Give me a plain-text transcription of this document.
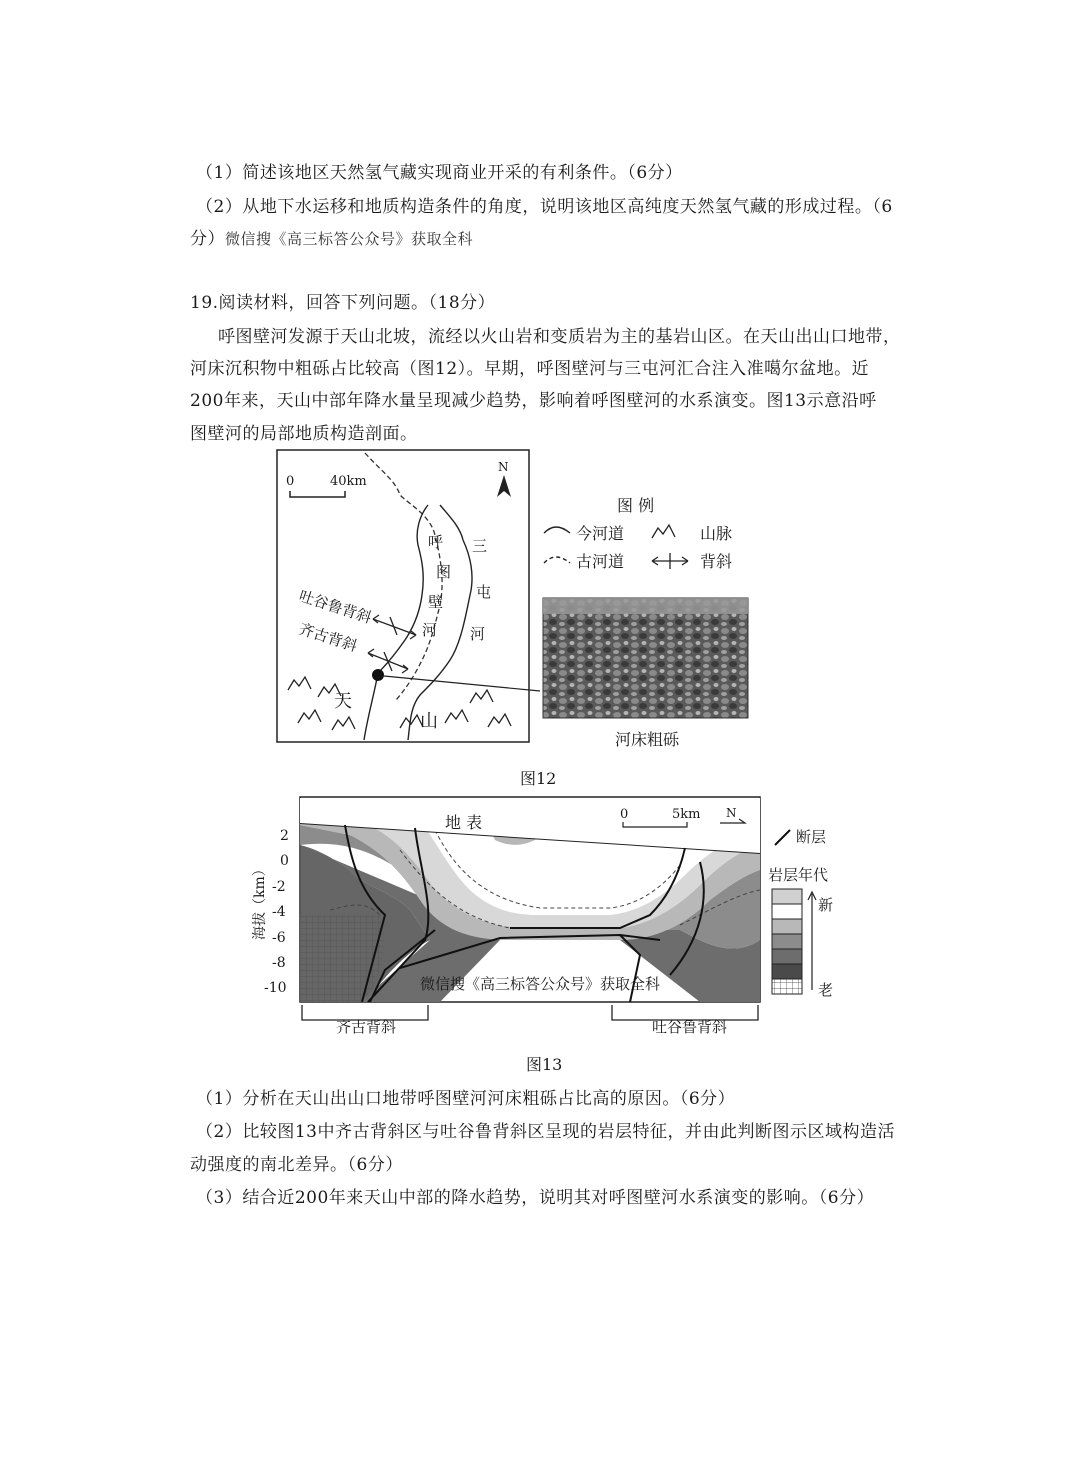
（1）简述该地区天然氢气藏实现商业开采的有利条件。（6分）
（2）从地下水运移和地质构造条件的角度，说明该地区高纯度天然氢气藏的形成过程。（6
分）微信搜《高三标答公众号》获取全科
19.阅读材料，回答下列问题。（18分）
呼图壁河发源于天山北坡，流经以火山岩和变质岩为主的基岩山区。在天山出山口地带，
河床沉积物中粗砾占比较高（图12）。早期，呼图壁河与三屯河汇合注入准噶尔盆地。近
200年来，天山中部年降水量呈现减少趋势，影响着呼图壁河的水系演变。图13示意沿呼
图壁河的局部地质构造剖面。
0	40km
N
呼
图
壁
河
三
屯
河
吐谷鲁背斜
齐古背斜
天
山
图 例
今河道	山脉
古河道	背斜
河床粗砾
图12
海拔（km）
2
0
-2
-4
-6
-8
-10
地 表	0	5km N
微信搜《高三标答公众号》获取全科
断层
岩层年代
新
老
齐古背斜	吐谷鲁背斜
图13
（1）分析在天山出山口地带呼图壁河河床粗砾占比高的原因。（6分）
（2）比较图13中齐古背斜区与吐谷鲁背斜区呈现的岩层特征，并由此判断图示区域构造活
动强度的南北差异。（6分）
（3）结合近200年来天山中部的降水趋势，说明其对呼图壁河水系演变的影响。（6分）
